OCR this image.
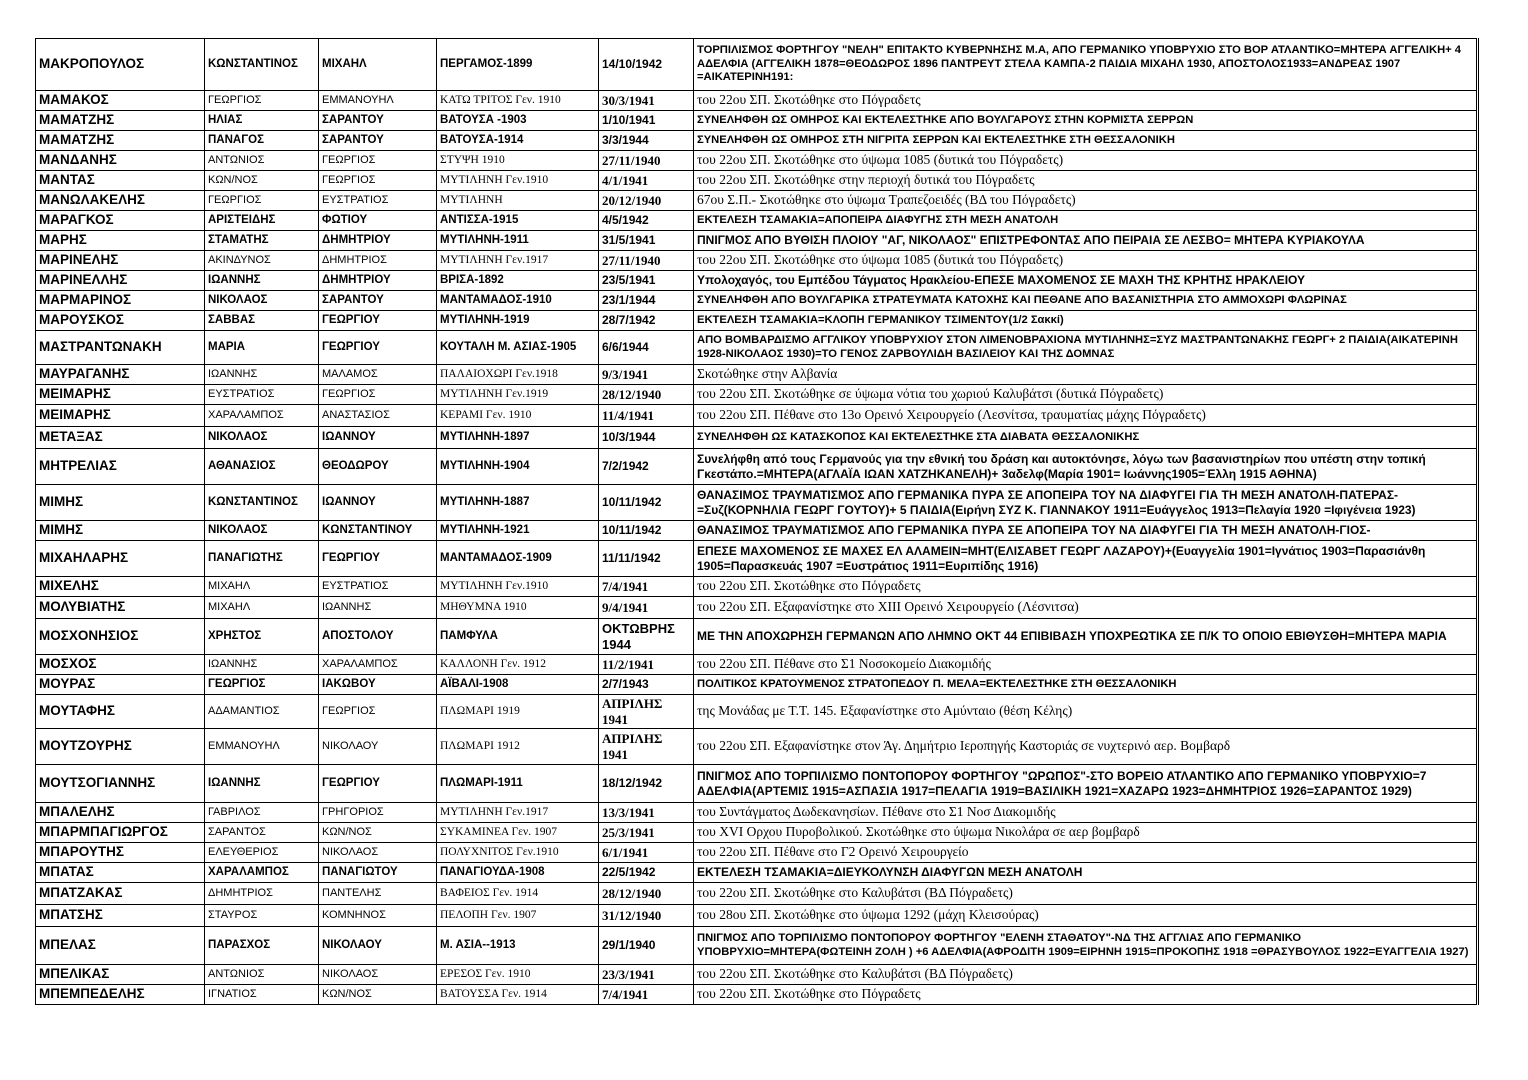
ΜΑΚΡΟΠΟΥΛΟΣ	ΚΩΝΣΤΑΝΤΙΝΟΣ	ΜΙΧΑΗΛ	ΠΕΡΓΑΜΟΣ-1899	14/10/1942	ΤΟΡΠΙΛΙΣΜΟΣ ΦΟΡΤΗΓΟΥ "ΝΕΛΗ" ΕΠΙΤΑΚΤΟ ΚΥΒΕΡΝΗΣΗΣ Μ.Α, ΑΠΟ ΓΕΡΜΑΝΙΚΟ ΥΠΟΒΡΥΧΙΟ ΣΤΟ ΒΟΡ ΑΤΛΑΝΤΙΚΟ=ΜΗΤΕΡΑ ΑΓΓΕΛΙΚΗ+ 4 ΑΔΕΛΦΙΑ (ΑΓΓΕΛΙΚΗ 1878=ΘΕΟΔΩΡΟΣ 1896 ΠΑΝΤΡΕΥΤ ΣΤΕΛΑ ΚΑΜΠΑ-2 ΠΑΙΔΙΑ ΜΙΧΑΗΛ 1930, ΑΠΟΣΤΟΛΟΣ1933=ΑΝΔΡΕΑΣ 1907 =ΑΙΚΑΤΕΡΙΝΗ191:
ΜΑΜΑΚΟΣ	ΓΕΩΡΓΙΟΣ	ΕΜΜΑΝΟΥΗΛ	ΚΑΤΩ ΤΡΙΤΟΣ Γεν. 1910	30/3/1941	του 22ου ΣΠ. Σκοτώθηκε στο Πόγραδετς
ΜΑΜΑΤΖΗΣ	ΗΛΙΑΣ	ΣΑΡΑΝΤΟΥ	ΒΑΤΟΥΣΑ -1903	1/10/1941	ΣΥΝΕΛΗΦΘΗ ΩΣ ΟΜΗΡΟΣ ΚΑΙ ΕΚΤΕΛΕΣΤΗΚΕ ΑΠΟ ΒΟΥΛΓΑΡΟΥΣ ΣΤΗΝ ΚΟΡΜΙΣΤΑ ΣΕΡΡΩΝ
ΜΑΜΑΤΖΗΣ	ΠΑΝΑΓΟΣ	ΣΑΡΑΝΤΟΥ	ΒΑΤΟΥΣΑ-1914	3/3/1944	ΣΥΝΕΛΗΦΘΗ ΩΣ ΟΜΗΡΟΣ ΣΤΗ ΝΙΓΡΙΤΑ ΣΕΡΡΩΝ ΚΑΙ ΕΚΤΕΛΕΣΤΗΚΕ ΣΤΗ ΘΕΣΣΑΛΟΝΙΚΗ
ΜΑΝΔΑΝΗΣ	ΑΝΤΩΝΙΟΣ	ΓΕΩΡΓΙΟΣ	ΣΤΥΨΗ 1910	27/11/1940	του 22ου ΣΠ. Σκοτώθηκε στο ύψωμα 1085 (δυτικά του Πόγραδετς)
ΜΑΝΤΑΣ	ΚΩΝ/ΝΟΣ	ΓΕΩΡΓΙΟΣ	ΜΥΤΙΛΗΝΗ Γεν.1910	4/1/1941	του 22ου ΣΠ. Σκοτώθηκε στην περιοχή δυτικά του Πόγραδετς
ΜΑΝΩΛΑΚΕΛΗΣ	ΓΕΩΡΓΙΟΣ	ΕΥΣΤΡΑΤΙΟΣ	ΜΥΤΙΛΗΝΗ	20/12/1940	67ου Σ.Π.- Σκοτώθηκε στο ύψωμα Τραπεζοειδές (ΒΔ του Πόγραδετς)
ΜΑΡΑΓΚΟΣ	ΑΡΙΣΤΕΙΔΗΣ	ΦΩΤΙΟΥ	ΑΝΤΙΣΣΑ-1915	4/5/1942	ΕΚΤΕΛΕΣΗ ΤΣΑΜΑΚΙΑ=ΑΠΟΠΕΙΡΑ ΔΙΑΦΥΓΗΣ ΣΤΗ ΜΕΣΗ ΑΝΑΤΟΛΗ
ΜΑΡΗΣ	ΣΤΑΜΑΤΗΣ	ΔΗΜΗΤΡΙΟΥ	ΜΥΤΙΛΗΝΗ-1911	31/5/1941	ΠΝΙΓΜΟΣ ΑΠΟ ΒΥΘΙΣΗ ΠΛΟΙΟΥ "ΑΓ, ΝΙΚΟΛΑΟΣ" ΕΠΙΣΤΡΕΦΟΝΤΑΣ ΑΠΟ ΠΕΙΡΑΙΑ ΣΕ ΛΕΣΒΟ= ΜΗΤΕΡΑ ΚΥΡΙΑΚΟΥΛΑ
ΜΑΡΙΝΕΛΗΣ	ΑΚΙΝΔΥΝΟΣ	ΔΗΜΗΤΡΙΟΣ	ΜΥΤΙΛΗΝΗ Γεν.1917	27/11/1940	του 22ου ΣΠ. Σκοτώθηκε στο ύψωμα 1085 (δυτικά του Πόγραδετς)
ΜΑΡΙΝΕΛΛΗΣ	ΙΩΑΝΝΗΣ	ΔΗΜΗΤΡΙΟΥ	ΒΡΙΣΑ-1892	23/5/1941	Υπολοχαγός, του Εμπέδου Τάγματος Ηρακλείου-ΕΠΕΣΕ ΜΑΧΟΜΕΝΟΣ ΣΕ ΜΑΧΗ ΤΗΣ ΚΡΗΤΗΣ ΗΡΑΚΛΕΙΟΥ
ΜΑΡΜΑΡΙΝΟΣ	ΝΙΚΟΛΑΟΣ	ΣΑΡΑΝΤΟΥ	ΜΑΝΤΑΜΑΔΟΣ-1910	23/1/1944	ΣΥΝΕΛΗΦΘΗ ΑΠΟ ΒΟΥΛΓΑΡΙΚΑ ΣΤΡΑΤΕΥΜΑΤΑ ΚΑΤΟΧΗΣ ΚΑΙ ΠΕΘΑΝΕ ΑΠΟ ΒΑΣΑΝΙΣΤΗΡΙΑ ΣΤΟ ΑΜΜΟΧΩΡΙ ΦΛΩΡΙΝΑΣ
ΜΑΡΟΥΣΚΟΣ	ΣΑΒΒΑΣ	ΓΕΩΡΓΙΟΥ	ΜΥΤΙΛΗΝΗ-1919	28/7/1942	ΕΚΤΕΛΕΣΗ ΤΣΑΜΑΚΙΑ=ΚΛΟΠΗ ΓΕΡΜΑΝΙΚΟΥ ΤΣΙΜΕΝΤΟΥ(1/2 Σακκί)
ΜΑΣΤΡΑΝΤΩΝΑΚΗ	ΜΑΡΙΑ	ΓΕΩΡΓΙΟΥ	ΚΟΥΤΑΛΗ Μ. ΑΣΙΑΣ-1905	6/6/1944	ΑΠΟ ΒΟΜΒΑΡΔΙΣΜΟ ΑΓΓΛΙΚΟΥ ΥΠΟΒΡΥΧΙΟΥ ΣΤΟΝ ΛΙΜΕΝΟΒΡΑΧΙΟΝΑ ΜΥΤΙΛΗΝΗΣ=ΣΥΖ ΜΑΣΤΡΑΝΤΩΝΑΚΗΣ ΓΕΩΡΓ+ 2 ΠΑΙΔΙΑ(ΑΙΚΑΤΕΡΙΝΗ 1928-ΝΙΚΟΛΑΟΣ 1930)=ΤΟ ΓΕΝΟΣ ΖΑΡΒΟΥΛΙΔΗ ΒΑΣΙΛΕΙΟΥ ΚΑΙ ΤΗΣ ΔΟΜΝΑΣ
ΜΑΥΡΑΓΑΝΗΣ	ΙΩΑΝΝΗΣ	ΜΑΛΑΜΟΣ	ΠΑΛΑΙΟΧΩΡΙ Γεν.1918	9/3/1941	Σκοτώθηκε στην Αλβανία
ΜΕΙΜΑΡΗΣ	ΕΥΣΤΡΑΤΙΟΣ	ΓΕΩΡΓΙΟΣ	ΜΥΤΙΛΗΝΗ Γεν.1919	28/12/1940	του 22ου ΣΠ. Σκοτώθηκε σε ύψωμα νότια του χωριού Καλυβάτσι (δυτικά Πόγραδετς)
ΜΕΙΜΑΡΗΣ	ΧΑΡΑΛΑΜΠΟΣ	ΑΝΑΣΤΑΣΙΟΣ	ΚΕΡΑΜΙ Γεν. 1910	11/4/1941	του 22ου ΣΠ. Πέθανε στο 13ο Ορεινό Χειρουργείο (Λεσνίτσα, τραυματίας μάχης Πόγραδετς)
ΜΕΤΑΞΑΣ	ΝΙΚΟΛΑΟΣ	ΙΩΑΝΝΟΥ	ΜΥΤΙΛΗΝΗ-1897	10/3/1944	ΣΥΝΕΛΗΦΘΗ ΩΣ ΚΑΤΑΣΚΟΠΟΣ ΚΑΙ ΕΚΤΕΛΕΣΤΗΚΕ ΣΤΑ ΔΙΑΒΑΤΑ ΘΕΣΣΑΛΟΝΙΚΗΣ
ΜΗΤΡΕΛΙΑΣ	ΑΘΑΝΑΣΙΟΣ	ΘΕΟΔΩΡΟΥ	ΜΥΤΙΛΗΝΗ-1904	7/2/1942	Συνελήφθη από τους Γερμανούς για την εθνική του δράση και αυτοκτόνησε, λόγω των βασανιστηρίων που υπέστη στην τοπική Γκεστάπο.=ΜΗΤΕΡΑ(ΑΓΛΑΪΑ ΙΩΑΝ ΧΑΤΖΗΚΑΝΕΛΗ)+ 3αδελφ(Μαρία 1901= Ιωάννης1905=Έλλη 1915 ΑΘΗΝΑ)
ΜΙΜΗΣ	ΚΩΝΣΤΑΝΤΙΝΟΣ	ΙΩΑΝΝΟΥ	ΜΥΤΙΛΗΝΗ-1887	10/11/1942	ΘΑΝΑΣΙΜΟΣ ΤΡΑΥΜΑΤΙΣΜΟΣ ΑΠΟ ΓΕΡΜΑΝΙΚΑ ΠΥΡΑ ΣΕ ΑΠΟΠΕΙΡΑ ΤΟΥ ΝΑ ΔΙΑΦΥΓΕΙ ΓΙΑ ΤΗ ΜΕΣΗ ΑΝΑΤΟΛΗ-ΠΑΤΕΡΑΣ- =Συζ(ΚΟΡΝΗΛΙΑ ΓΕΩΡΓ ΓΟΥΤΟΥ)+ 5 ΠΑΙΔΙΑ(Ειρήνη ΣΥΖ Κ. ΓΙΑΝΝΑΚΟΥ 1911=Ευάγγελος 1913=Πελαγία 1920 =Ιφιγένεια 1923)
ΜΙΜΗΣ	ΝΙΚΟΛΑΟΣ	ΚΩΝΣΤΑΝΤΙΝΟΥ	ΜΥΤΙΛΗΝΗ-1921	10/11/1942	ΘΑΝΑΣΙΜΟΣ ΤΡΑΥΜΑΤΙΣΜΟΣ ΑΠΟ ΓΕΡΜΑΝΙΚΑ ΠΥΡΑ ΣΕ ΑΠΟΠΕΙΡΑ ΤΟΥ ΝΑ ΔΙΑΦΥΓΕΙ ΓΙΑ ΤΗ ΜΕΣΗ ΑΝΑΤΟΛΗ-ΓΙΟΣ-
ΜΙΧΑΗΛΑΡΗΣ	ΠΑΝΑΓΙΩΤΗΣ	ΓΕΩΡΓΙΟΥ	ΜΑΝΤΑΜΑΔΟΣ-1909	11/11/1942	ΕΠΕΣΕ ΜΑΧΟΜΕΝΟΣ ΣΕ ΜΑΧΕΣ ΕΛ ΑΛΑΜΕΙΝ=ΜΗΤ(ΕΛΙΣΑΒΕΤ ΓΕΩΡΓ ΛΑΖΑΡΟΥ)+(Ευαγγελία 1901=Ιγνάτιος 1903=Παρασιάνθη 1905=Παρασκευάς 1907 =Ευστράτιος 1911=Ευριπίδης 1916)
ΜΙΧΕΛΗΣ	ΜΙΧΑΗΛ	ΕΥΣΤΡΑΤΙΟΣ	ΜΥΤΙΛΗΝΗ Γεν.1910	7/4/1941	του 22ου ΣΠ. Σκοτώθηκε στο Πόγραδετς
ΜΟΛΥΒΙΑΤΗΣ	ΜΙΧΑΗΛ	ΙΩΑΝΝΗΣ	ΜΗΘΥΜΝΑ 1910	9/4/1941	του 22ου ΣΠ. Εξαφανίστηκε στο ΧΙΙΙ Ορεινό Χειρουργείο (Λέσνιτσα)
ΜΟΣΧΟΝΗΣΙΟΣ	ΧΡΗΣΤΟΣ	ΑΠΟΣΤΟΛΟΥ	ΠΑΜΦΥΛΑ	ΟΚΤΩΒΡΗΣ 1944	ΜΕ ΤΗΝ ΑΠΟΧΩΡΗΣΗ ΓΕΡΜΑΝΩΝ ΑΠΟ ΛΗΜΝΟ ΟΚΤ 44 ΕΠΙΒΙΒΑΣΗ ΥΠΟΧΡΕΩΤΙΚΑ ΣΕ Π/Κ ΤΟ ΟΠΟΙΟ ΕΒΙΘΥΣΘΗ=ΜΗΤΕΡΑ ΜΑΡΙΑ
ΜΟΣΧΟΣ	ΙΩΑΝΝΗΣ	ΧΑΡΑΛΑΜΠΟΣ	ΚΑΛΛΟΝΗ Γεν. 1912	11/2/1941	του 22ου ΣΠ. Πέθανε στο Σ1 Νοσοκομείο Διακομιδής
ΜΟΥΡΑΣ	ΓΕΩΡΓΙΟΣ	ΙΑΚΩΒΟΥ	ΑΪΒΑΛΙ-1908	2/7/1943	ΠΟΛΙΤΙΚΟΣ ΚΡΑΤΟΥΜΕΝΟΣ ΣΤΡΑΤΟΠΕΔΟΥ Π. ΜΕΛΑ=ΕΚΤΕΛΕΣΤΗΚΕ ΣΤΗ ΘΕΣΣΑΛΟΝΙΚΗ
ΜΟΥΤΑΦΗΣ	ΑΔΑΜΑΝΤΙΟΣ	ΓΕΩΡΓΙΟΣ	ΠΛΩΜΑΡΙ 1919	ΑΠΡΙΛΗΣ 1941	της Μονάδας με Τ.Τ. 145. Εξαφανίστηκε στο Αμύνταιο (θέση Κέλης)
ΜΟΥΤΖΟΥΡΗΣ	ΕΜΜΑΝΟΥΗΛ	ΝΙΚΟΛΑΟΥ	ΠΛΩΜΑΡΙ 1912	ΑΠΡΙΛΗΣ 1941	του 22ου ΣΠ. Εξαφανίστηκε στον Άγ. Δημήτριο Ιεροπηγής Καστοριάς σε νυχτερινό αερ. Βομβαρδ
ΜΟΥΤΣΟΓΙΑΝΝΗΣ	ΙΩΑΝΝΗΣ	ΓΕΩΡΓΙΟΥ	ΠΛΩΜΑΡΙ-1911	18/12/1942	ΠΝΙΓΜΟΣ ΑΠΟ ΤΟΡΠΙΛΙΣΜΟ ΠΟΝΤΟΠΟΡΟΥ ΦΟΡΤΗΓΟΥ "ΩΡΩΠΟΣ"-ΣΤΟ ΒΟΡΕΙΟ ΑΤΛΑΝΤΙΚΟ ΑΠΟ ΓΕΡΜΑΝΙΚΟ ΥΠΟΒΡΥΧΙΟ=7 ΑΔΕΛΦΙΑ(ΑΡΤΕΜΙΣ 1915=ΑΣΠΑΣΙΑ 1917=ΠΕΛΑΓΙΑ 1919=ΒΑΣΙΛΙΚΗ 1921=ΧΑΖΑΡΩ 1923=ΔΗΜΗΤΡΙΟΣ 1926=ΣΑΡΑΝΤΟΣ 1929)
ΜΠΑΛΕΛΗΣ	ΓΑΒΡΙΛΟΣ	ΓΡΗΓΟΡΙΟΣ	ΜΥΤΙΛΗΝΗ Γεν.1917	13/3/1941	του Συντάγματος Δωδεκανησίων. Πέθανε στο Σ1 Νοσ Διακομιδής
ΜΠΑΡΜΠΑΓΙΩΡΓΟΣ	ΣΑΡΑΝΤΟΣ	ΚΩΝ/ΝΟΣ	ΣΥΚΑΜΙΝΕΑ Γεν. 1907	25/3/1941	του XVI Ορχου Πυροβολικού. Σκοτώθηκε στο ύψωμα Νικολάρα σε αερ βομβαρδ
ΜΠΑΡΟΥΤΗΣ	ΕΛΕΥΘΕΡΙΟΣ	ΝΙΚΟΛΑΟΣ	ΠΟΛΥΧΝΙΤΟΣ Γεν.1910	6/1/1941	του 22ου ΣΠ. Πέθανε στο Γ2 Ορεινό Χειρουργείο
ΜΠΑΤΑΣ	ΧΑΡΑΛΑΜΠΟΣ	ΠΑΝΑΓΙΩΤΟΥ	ΠΑΝΑΓΙΟΥΔΑ-1908	22/5/1942	ΕΚΤΕΛΕΣΗ ΤΣΑΜΑΚΙΑ=ΔΙΕΥΚΟΛΥΝΣΗ ΔΙΑΦΥΓΩΝ ΜΕΣΗ ΑΝΑΤΟΛΗ
ΜΠΑΤΖΑΚΑΣ	ΔΗΜΗΤΡΙΟΣ	ΠΑΝΤΕΛΗΣ	ΒΑΦΕΙΟΣ Γεν. 1914	28/12/1940	του 22ου ΣΠ. Σκοτώθηκε στο Καλυβάτσι (ΒΔ Πόγραδετς)
ΜΠΑΤΣΗΣ	ΣΤΑΥΡΟΣ	ΚΟΜΝΗΝΟΣ	ΠΕΛΟΠΗ Γεν. 1907	31/12/1940	του 28ου ΣΠ. Σκοτώθηκε στο ύψωμα 1292 (μάχη Κλεισούρας)
ΜΠΕΛΑΣ	ΠΑΡΑΣΧΟΣ	ΝΙΚΟΛΑΟΥ	Μ. ΑΣΙΑ--1913	29/1/1940	ΠΝΙΓΜΟΣ ΑΠΟ ΤΟΡΠΙΛΙΣΜΟ ΠΟΝΤΟΠΟΡΟΥ ΦΟΡΤΗΓΟΥ "ΕΛΕΝΗ ΣΤΑΘΑΤΟΥ"-ΝΔ ΤΗΣ ΑΓΓΛΙΑΣ ΑΠΟ ΓΕΡΜΑΝΙΚΟ ΥΠΟΒΡΥΧΙΟ=ΜΗΤΕΡΑ(ΦΩΤΕΙΝΗ ΖΟΛΗ ) +6 ΑΔΕΛΦΙΑ(ΑΦΡΟΔΙΤΗ 1909=ΕΙΡΗΝΗ 1915=ΠΡΟΚΟΠΗΣ 1918 =ΘΡΑΣΥΒΟΥΛΟΣ 1922=ΕΥΑΓΓΕΛΙΑ 1927)
ΜΠΕΛΙΚΑΣ	ΑΝΤΩΝΙΟΣ	ΝΙΚΟΛΑΟΣ	ΕΡΕΣΟΣ Γεν. 1910	23/3/1941	του 22ου ΣΠ. Σκοτώθηκε στο Καλυβάτσι (ΒΔ Πόγραδετς)
ΜΠΕΜΠΕΔΕΛΗΣ	ΙΓΝΑΤΙΟΣ	ΚΩΝ/ΝΟΣ	ΒΑΤΟΥΣΣΑ Γεν. 1914	7/4/1941	του 22ου ΣΠ. Σκοτώθηκε στο Πόγραδετς
